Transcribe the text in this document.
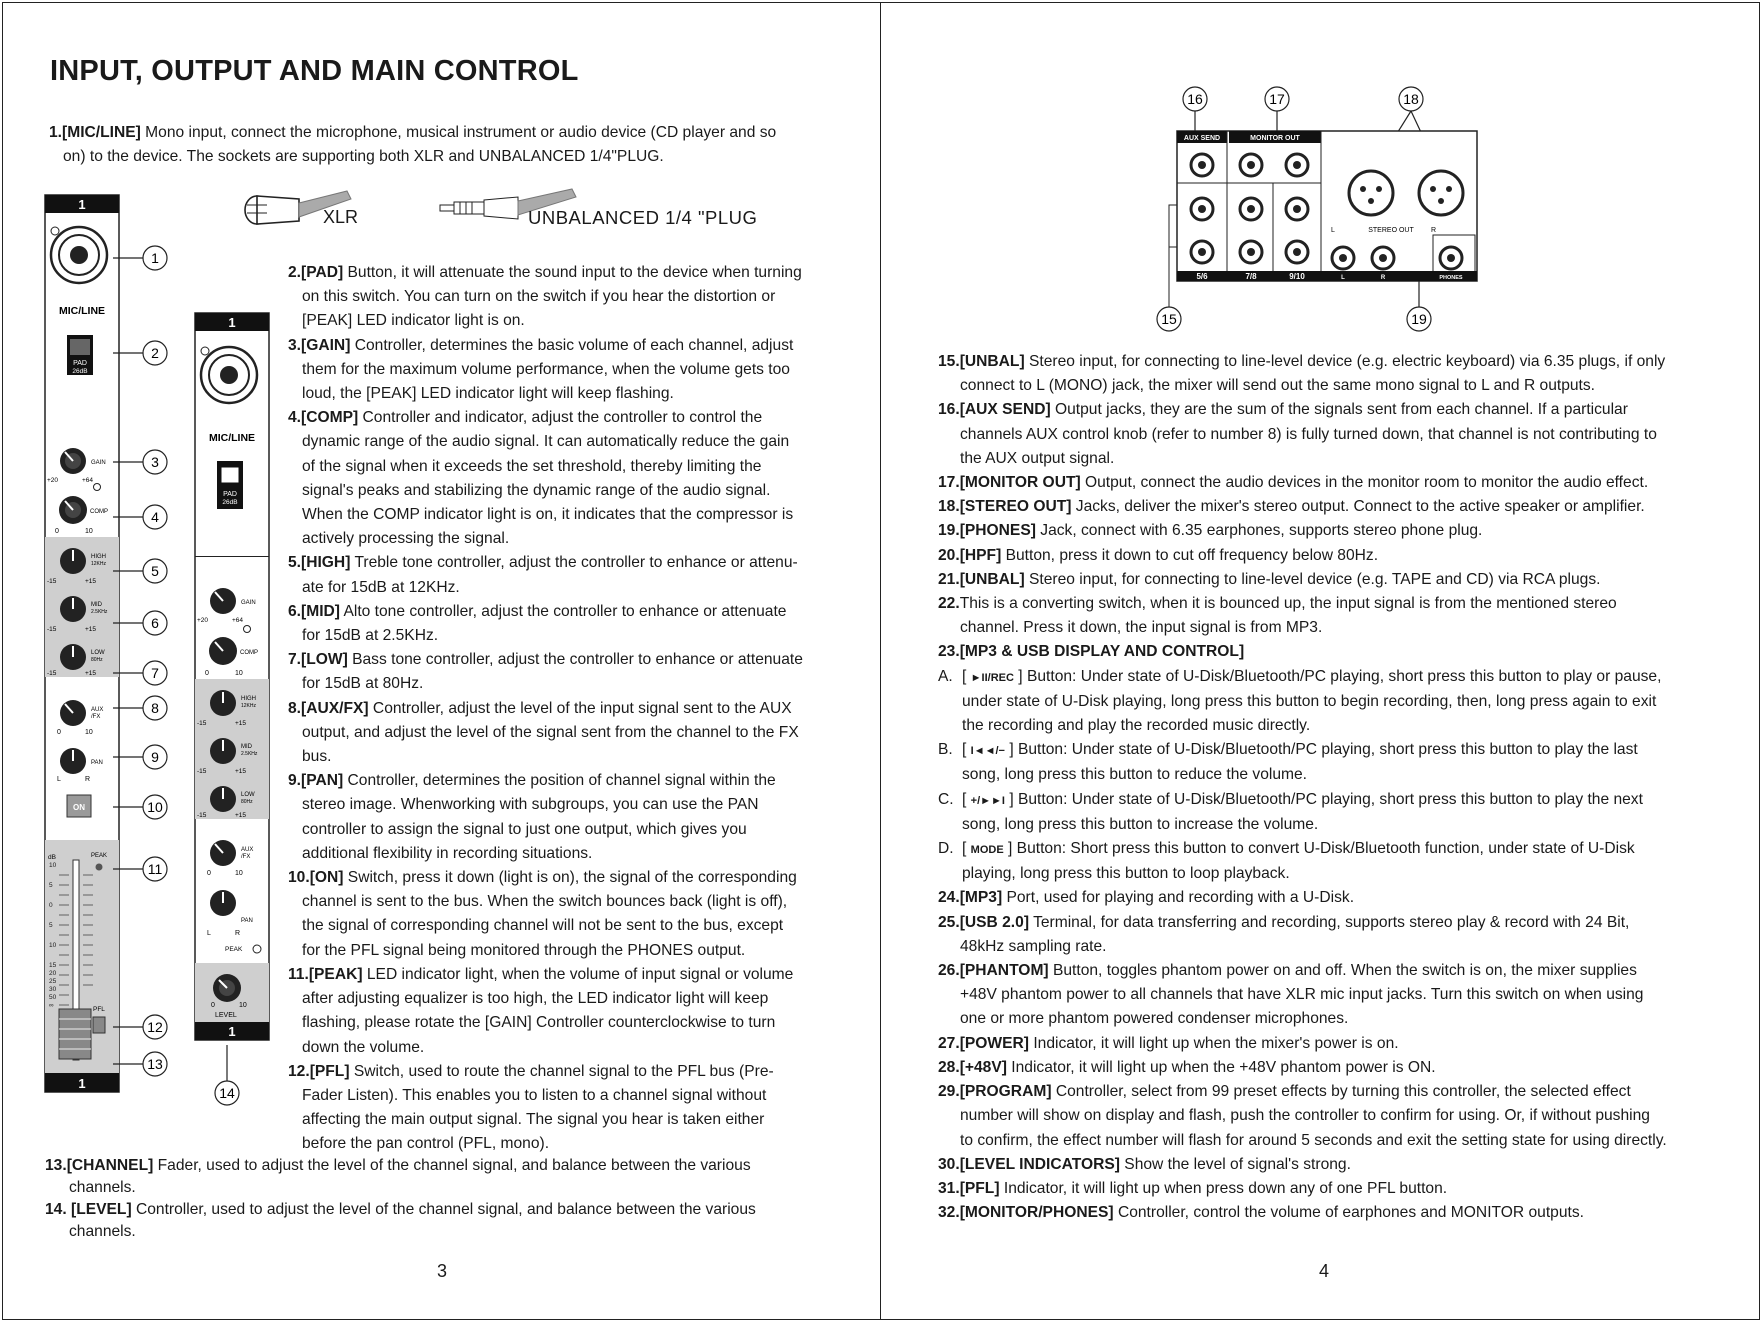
INPUT, OUTPUT AND MAIN CONTROL
1.[MIC/LINE] Mono input, connect the microphone, musical instrument or audio device (CD player and so
on) to the device. The sockets are supporting both XLR and UNBALANCED 1/4"PLUG.
XLR	UNBALANCED 1/4 "PLUG
1
MIC/LINE
PAD
26dB
GAIN
+20	+64
COMP
0	10
HIGH
12KHz
-15	+15
MID
2.5KHz
-15	+15
LOW
80Hz
-15	+15
AUX
/FX
0	10
PAN
L	R
ON
dB	PEAK
PFL
1
10
5
0
5
10
15
20
25
30
50
∞
1
MIC/LINE
PAD
26dB
GAIN
+20	+64
COMP
0	10
HIGH
12KHz
-15	+15
MID
2.5KHz
-15	+15
LOW
80Hz
-15	+15
AUX
/FX
0	10
PAN
L	R
PEAK
0	10
LEVEL
1
1
2
3
4
5
6
7
8
9
10
11
12
13
14
2.[PAD] Button, it will attenuate the sound input to the device when turning
on this switch. You can turn on the switch if you hear the distortion or
[PEAK] LED indicator light is on.
3.[GAIN] Controller, determines the basic volume of each channel, adjust
them for the maximum volume performance, when the volume gets too
loud, the [PEAK] LED indicator light will keep flashing.
4.[COMP] Controller and indicator, adjust the controller to control the
dynamic range of the audio signal. It can automatically reduce the gain
of the signal when it exceeds the set threshold, thereby limiting the
signal's peaks and stabilizing the dynamic range of the audio signal.
When the COMP indicator light is on, it indicates that the compressor is
actively processing the signal.
5.[HIGH] Treble tone controller, adjust the controller to enhance or attenu-
ate for 15dB at 12KHz.
6.[MID] Alto tone controller, adjust the controller to enhance or attenuate
for 15dB at 2.5KHz.
7.[LOW] Bass tone controller, adjust the controller to enhance or attenuate
for 15dB at 80Hz.
8.[AUX/FX] Controller, adjust the level of the input signal sent to the AUX
output, and adjust the level of the signal sent from the channel to the FX
bus.
9.[PAN] Controller, determines the position of channel signal within the
stereo image. Whenworking with subgroups, you can use the PAN
controller to assign the signal to just one output, which gives you
additional flexibility in recording situations.
10.[ON] Switch, press it down (light is on), the signal of the corresponding
channel is sent to the bus. When the switch bounces back (light is off),
the signal of corresponding channel will not be sent to the bus, except
for the PFL signal being monitored through the PHONES output.
11.[PEAK] LED indicator light, when the volume of input signal or volume
after adjusting equalizer is too high, the LED indicator light will keep
flashing, please rotate the [GAIN] Controller counterclockwise to turn
down the volume.
12.[PFL] Switch, used to route the channel signal to the PFL bus (Pre-
Fader Listen). This enables you to listen to a channel signal without
affecting the main output signal. The signal you hear is taken either
before the pan control (PFL, mono).
13.[CHANNEL] Fader, used to adjust the level of the channel signal, and balance between the various
channels.
14. [LEVEL] Controller, used to adjust the level of the channel signal, and balance between the various
channels.
3
16	17	18
15	19
AUX SEND	MONITOR OUT
L	STEREO OUT R
5/6	7/8	9/10	L	R	PHONES
15.[UNBAL] Stereo input, for connecting to line-level device (e.g. electric keyboard) via 6.35 plugs, if only
connect to L (MONO) jack, the mixer will send out the same mono signal to L and R outputs.
16.[AUX SEND] Output jacks, they are the sum of the signals sent from each channel. If a particular
channels AUX control knob (refer to number 8) is fully turned down, that channel is not contributing to
the AUX output signal.
17.[MONITOR OUT] Output, connect the audio devices in the monitor room to monitor the audio effect.
18.[STEREO OUT] Jacks, deliver the mixer's stereo output. Connect to the active speaker or amplifier.
19.[PHONES] Jack, connect with 6.35 earphones, supports stereo phone plug.
20.[HPF] Button, press it down to cut off frequency below 80Hz.
21.[UNBAL] Stereo input, for connecting to line-level device (e.g. TAPE and CD) via RCA plugs.
22.This is a converting switch, when it is bounced up, the input signal is from the mentioned stereo
channel. Press it down, the input signal is from MP3.
23.[MP3 & USB DISPLAY AND CONTROL]
A. [ ►II/REC ] Button: Under state of U-Disk/Bluetooth/PC playing, short press this button to play or pause,
under state of U-Disk playing, long press this button to begin recording, then, long press again to exit
the recording and play the recorded music directly.
B. [ I◄◄/− ] Button: Under state of U-Disk/Bluetooth/PC playing, short press this button to play the last
song, long press this button to reduce the volume.
C. [ +/►►I ] Button: Under state of U-Disk/Bluetooth/PC playing, short press this button to play the next
song, long press this button to increase the volume.
D. [ MODE ] Button: Short press this button to convert U-Disk/Bluetooth function, under state of U-Disk
playing, long press this button to loop playback.
24.[MP3] Port, used for playing and recording with a U-Disk.
25.[USB 2.0] Terminal, for data transferring and recording, supports stereo play & record with 24 Bit,
48kHz sampling rate.
26.[PHANTOM] Button, toggles phantom power on and off. When the switch is on, the mixer supplies
+48V phantom power to all channels that have XLR mic input jacks. Turn this switch on when using
one or more phantom powered condenser microphones.
27.[POWER] Indicator, it will light up when the mixer's power is on.
28.[+48V] Indicator, it will light up when the +48V phantom power is ON.
29.[PROGRAM] Controller, select from 99 preset effects by turning this controller, the selected effect
number will show on display and flash, push the controller to confirm for using. Or, if without pushing
to confirm, the effect number will flash for around 5 seconds and exit the setting state for using directly.
30.[LEVEL INDICATORS] Show the level of signal's strong.
31.[PFL] Indicator, it will light up when press down any of one PFL button.
32.[MONITOR/PHONES] Controller, control the volume of earphones and MONITOR outputs.
4
